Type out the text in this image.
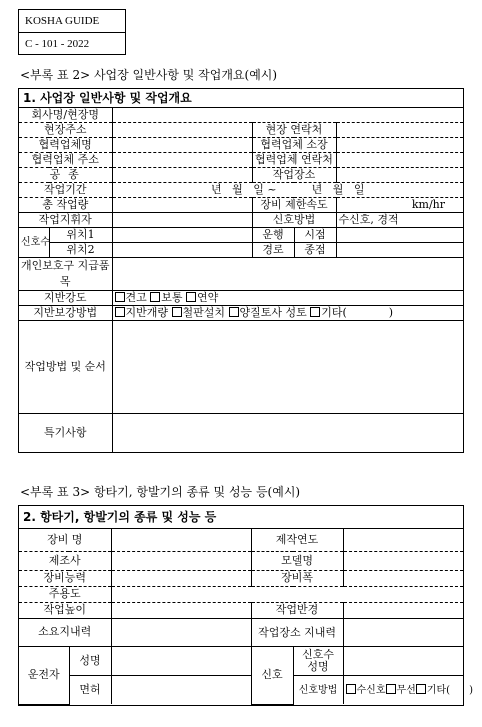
KOSHA GUIDE
C - 101 - 2022
<부록 표 2> 사업장 일반사항 및 작업개요(예시)
1. 사업장 일반사항 및 작업개요
회사명/현장명					
현장주소			현장 연락처		
협력업체명			협력업체 소장		
협력업체 주소			협력업체 연락처		
공 종			작업장소		
작업기간		년   월   일 ~          년   월   일			
총 작업량			장비 제한속도		km/hr
작업지휘자			신호방법		수신호, 경적
신호수	위치1		운행	시점	
	위치2		경로	종점	
개인보호구 지급품목					
지반강도		견고 보통 연약			
지반보강방법		지반개량 철판설치 양질토사 성토 기타(            )			
작업방법 및 순서					
특기사항					
<부록 표 3> 항타기, 항발기의 종류 및 성능 등(예시)
2. 항타기, 항발기의 종류 및 성능 등
장비 명			제작연도		
제조사			모델명		
장비능력			장비폭		
주용도					
작업높이			작업반경		
소요지내력			작업장소 지내력		
운전자	성명		신호	신호수 성명	
	면허			신호방법	수신호 무선 기타(      )
